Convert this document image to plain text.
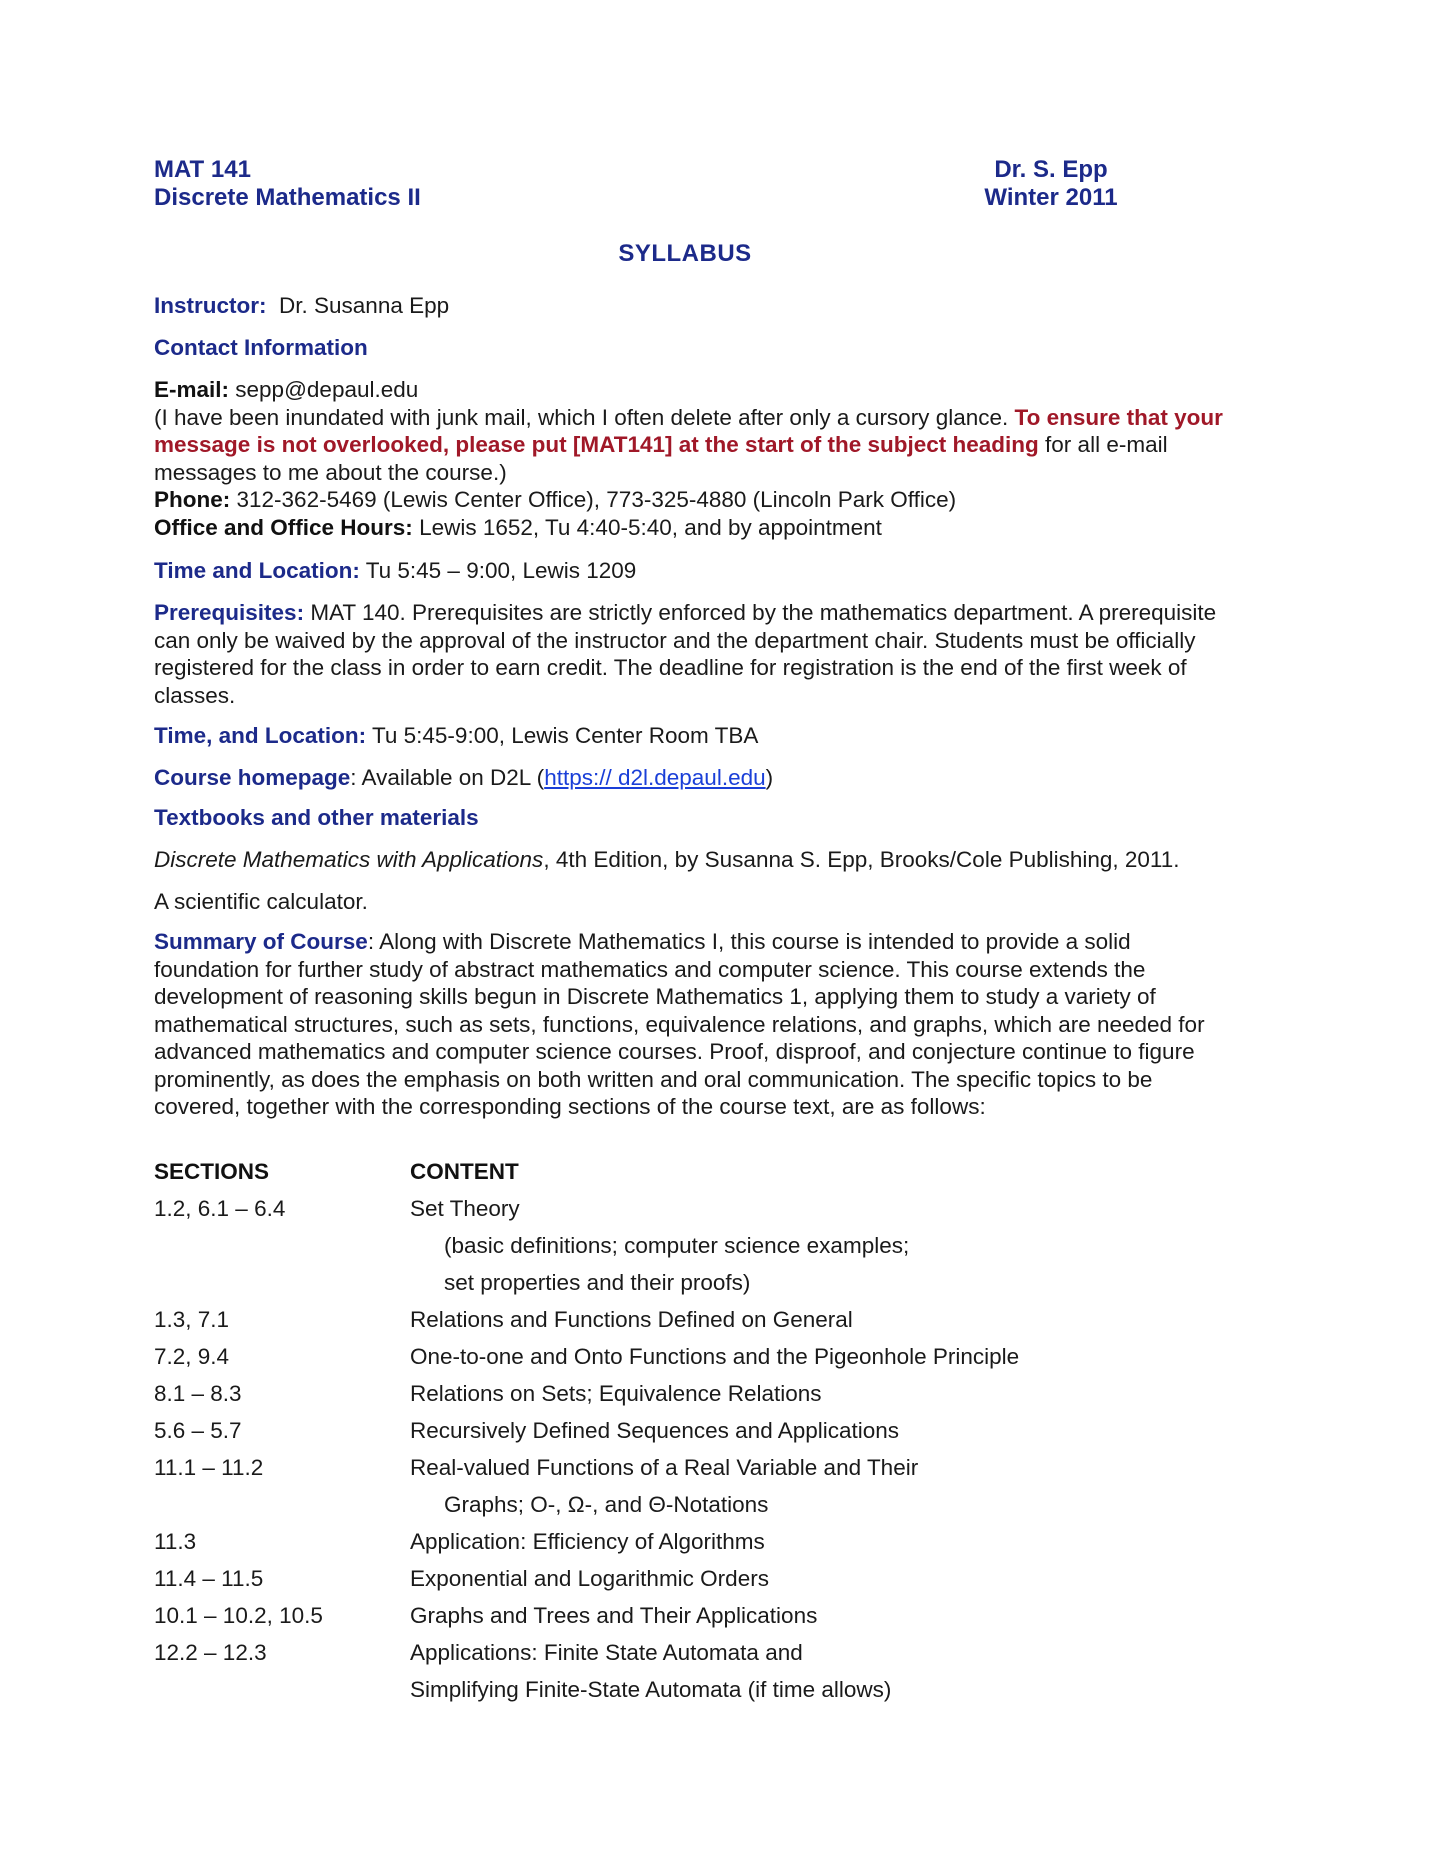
MAT 141
Discrete Mathematics II
Dr. S. Epp
Winter 2011
SYLLABUS
Instructor: Dr. Susanna Epp
Contact Information
E-mail: sepp@depaul.edu
(I have been inundated with junk mail, which I often delete after only a cursory glance. To ensure that your
message is not overlooked, please put [MAT141] at the start of the subject heading for all e-mail
messages to me about the course.)
Phone: 312-362-5469 (Lewis Center Office), 773-325-4880 (Lincoln Park Office)
Office and Office Hours: Lewis 1652, Tu 4:40-5:40, and by appointment
Time and Location: Tu 5:45 – 9:00, Lewis 1209
Prerequisites: MAT 140. Prerequisites are strictly enforced by the mathematics department. A prerequisite
can only be waived by the approval of the instructor and the department chair. Students must be officially
registered for the class in order to earn credit. The deadline for registration is the end of the first week of
classes.
Time, and Location: Tu 5:45-9:00, Lewis Center Room TBA
Course homepage: Available on D2L (https:// d2l.depaul.edu)
Textbooks and other materials
Discrete Mathematics with Applications, 4th Edition, by Susanna S. Epp, Brooks/Cole Publishing, 2011.
A scientific calculator.
Summary of Course: Along with Discrete Mathematics I, this course is intended to provide a solid
foundation for further study of abstract mathematics and computer science. This course extends the
development of reasoning skills begun in Discrete Mathematics 1, applying them to study a variety of
mathematical structures, such as sets, functions, equivalence relations, and graphs, which are needed for
advanced mathematics and computer science courses. Proof, disproof, and conjecture continue to figure
prominently, as does the emphasis on both written and oral communication. The specific topics to be
covered, together with the corresponding sections of the course text, are as follows:
SECTIONS	CONTENT
1.2, 6.1 – 6.4	Set Theory
(basic definitions; computer science examples;
set properties and their proofs)
1.3, 7.1	Relations and Functions Defined on General
7.2, 9.4	One-to-one and Onto Functions and the Pigeonhole Principle
8.1 – 8.3	Relations on Sets; Equivalence Relations
5.6 – 5.7	Recursively Defined Sequences and Applications
11.1 – 11.2	Real-valued Functions of a Real Variable and Their
Graphs; O-, Ω-, and Θ-Notations
11.3	Application: Efficiency of Algorithms
11.4 – 11.5	Exponential and Logarithmic Orders
10.1 – 10.2, 10.5	Graphs and Trees and Their Applications
12.2 – 12.3	Applications: Finite State Automata and
Simplifying Finite-State Automata (if time allows)
